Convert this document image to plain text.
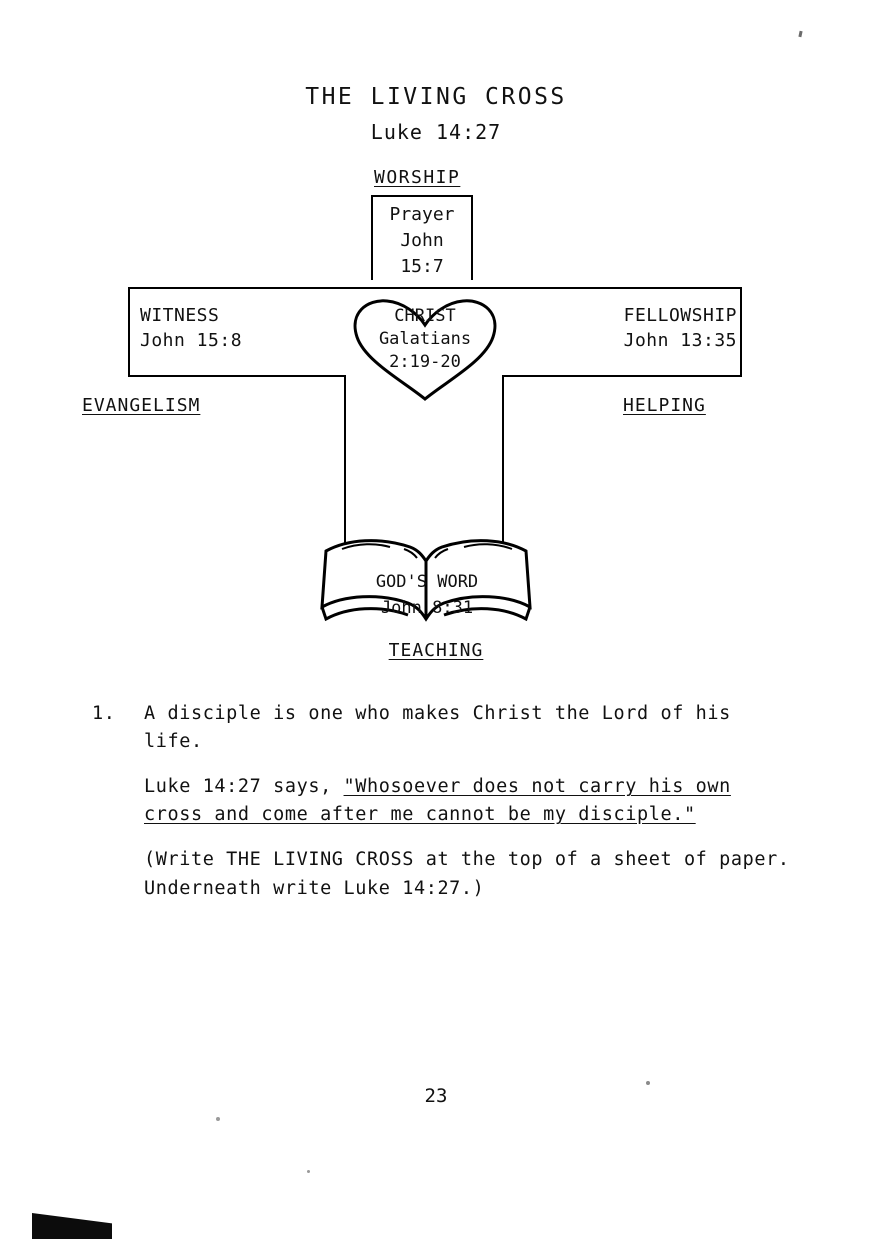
THE LIVING CROSS
Luke 14:27
WORSHIP
Prayer
John
15:7
WITNESS
John 15:8
FELLOWSHIP
John 13:35
CHRIST
Galatians
2:19-20
EVANGELISM	HELPING
GOD'S WORD
John 8:31
TEACHING
1. A disciple is one who makes Christ the Lord of his life.
Luke 14:27 says, "Whosoever does not carry his own cross and come after me cannot be my disciple."
(Write THE LIVING CROSS at the top of a sheet of paper. Underneath write Luke 14:27.)
23
